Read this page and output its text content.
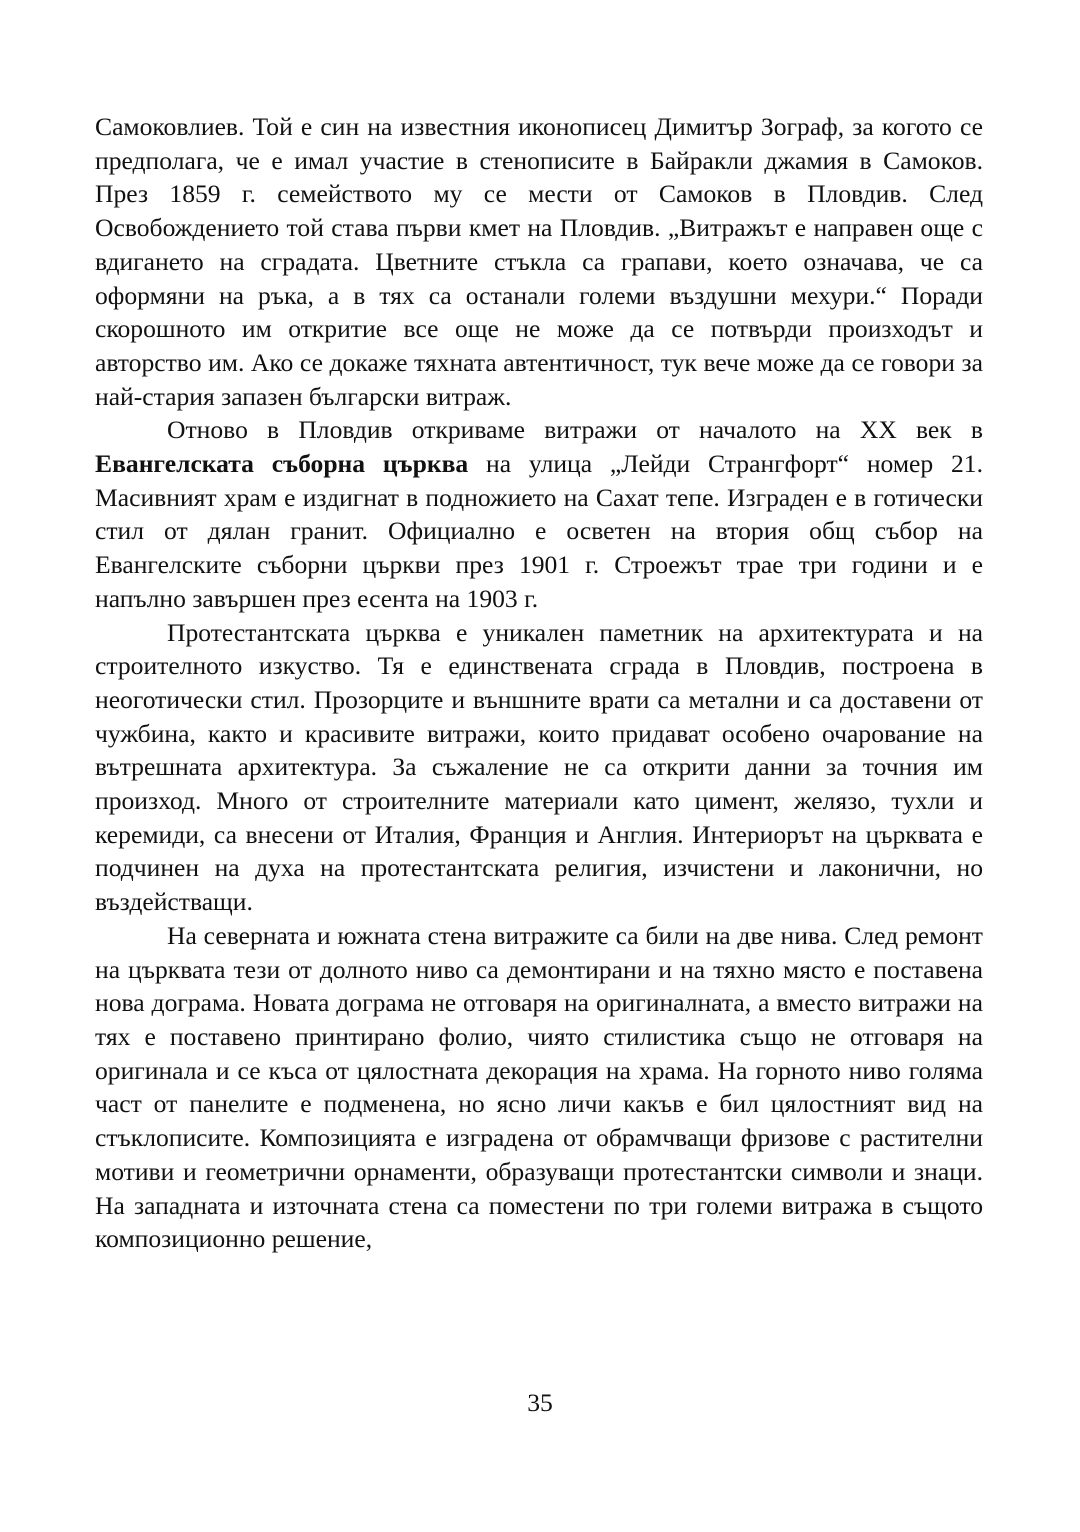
Самоковлиев. Той е син на известния иконописец Димитър Зограф, за когото се предполага, че е имал участие в стенописите в Байракли джамия в Самоков. През 1859 г. семейството му се мести от Самоков в Пловдив. След Освобождението той става първи кмет на Пловдив. „Витражът е направен още с вдигането на сградата. Цветните стъкла са грапави, което означава, че са оформяни на ръка, а в тях са останали големи въздушни мехури.“ Поради скорошното им откритие все още не може да се потвърди произходът и авторство им. Ако се докаже тяхната автентичност, тук вече може да се говори за най-стария запазен български витраж.

Отново в Пловдив откриваме витражи от началото на ХХ век в Евангелската съборна църква на улица „Лейди Странгфорт“ номер 21. Масивният храм е издигнат в подножието на Сахат тепе. Изграден е в готически стил от дялан гранит. Официално е осветен на втория общ събор на Евангелските съборни църкви през 1901 г. Строежът трае три години и е напълно завършен през есента на 1903 г.

Протестантската църква е уникален паметник на архитектурата и на строителното изкуство. Тя е единствената сграда в Пловдив, построена в неоготически стил. Прозорците и външните врати са метални и са доставени от чужбина, както и красивите витражи, които придават особено очарование на вътрешната архитектура. За съжаление не са открити данни за точния им произход. Много от строителните материали като цимент, желязо, тухли и керемиди, са внесени от Италия, Франция и Англия. Интериорът на църквата е подчинен на духа на протестантската религия, изчистени и лаконични, но въздействащи.

На северната и южната стена витражите са били на две нива. След ремонт на църквата тези от долното ниво са демонтирани и на тяхно място е поставена нова дограма. Новата дограма не отговаря на оригиналната, а вместо витражи на тях е поставено принтирано фолио, чиято стилистика също не отговаря на оригинала и се къса от цялостната декорация на храма. На горното ниво голяма част от панелите е подменена, но ясно личи какъв е бил цялостният вид на стъклописите. Композицията е изградена от обрамчващи фризове с растителни мотиви и геометрични орнаменти, образуващи протестантски символи и знаци. На западната и източната стена са поместени по три големи витража в същото композиционно решение,

35
